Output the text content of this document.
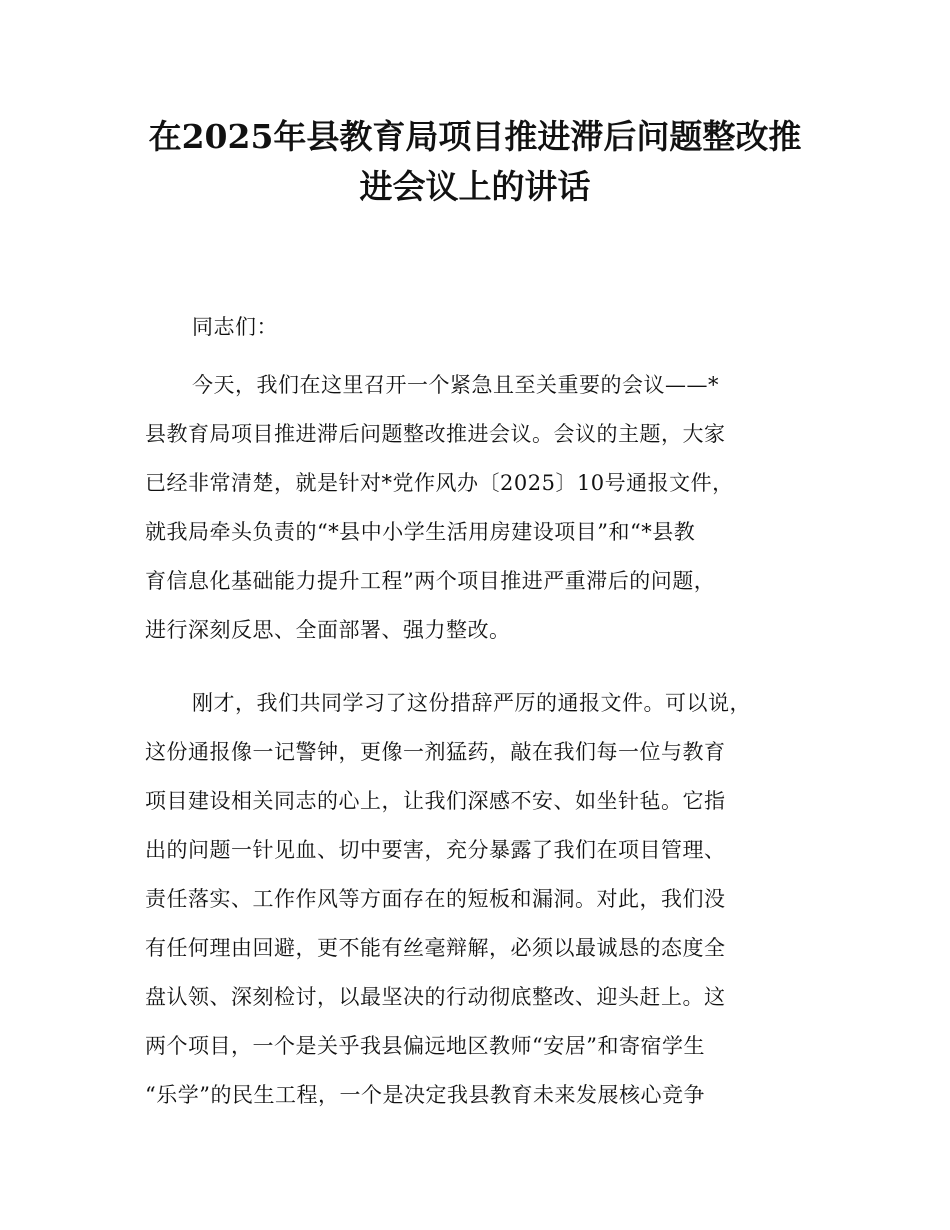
在2025年县教育局项目推进滞后问题整改推
进会议上的讲话
同志们：
今天，我们在这里召开一个紧急且至关重要的会议——*
县教育局项目推进滞后问题整改推进会议。会议的主题，大家
已经非常清楚，就是针对*党作风办〔2025〕10号通报文件，
就我局牵头负责的“*县中小学生活用房建设项目”和“*县教
育信息化基础能力提升工程”两个项目推进严重滞后的问题，
进行深刻反思、全面部署、强力整改。
刚才，我们共同学习了这份措辞严厉的通报文件。可以说，
这份通报像一记警钟，更像一剂猛药，敲在我们每一位与教育
项目建设相关同志的心上，让我们深感不安、如坐针毡。它指
出的问题一针见血、切中要害，充分暴露了我们在项目管理、
责任落实、工作作风等方面存在的短板和漏洞。对此，我们没
有任何理由回避，更不能有丝毫辩解，必须以最诚恳的态度全
盘认领、深刻检讨，以最坚决的行动彻底整改、迎头赶上。这
两个项目，一个是关乎我县偏远地区教师“安居”和寄宿学生
“乐学”的民生工程，一个是决定我县教育未来发展核心竞争
